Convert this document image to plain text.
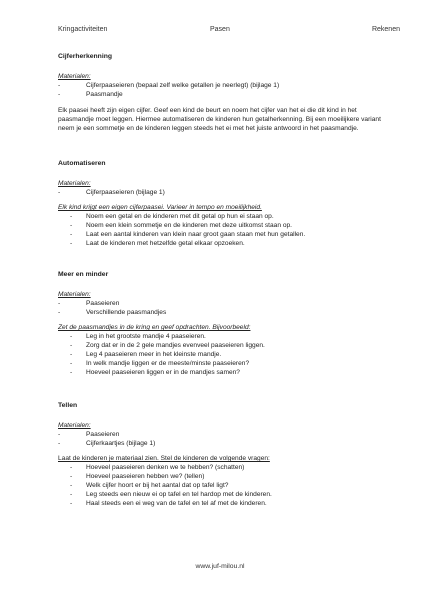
Kringactiviteiten	Pasen	Rekenen
Cijferherkenning
Materialen:
- Cijferpaaseieren (bepaal zelf welke getallen je neerlegt) (bijlage 1)
- Paasmandje

Elk paasei heeft zijn eigen cijfer. Geef een kind de beurt en noem het cijfer van het ei die dit kind in het paasmandje moet leggen. Hiermee automatiseren de kinderen hun getalherkenning. Bij een moeilijkere variant neem je een sommetje en de kinderen leggen steeds het ei met het juiste antwoord in het paasmandje.

Automatiseren
Materialen:
- Cijferpaaseieren (bijlage 1)
Elk kind krijgt een eigen cijferpaasei. Varieer in tempo en moeilijkheid.
- Noem een getal en de kinderen met dit getal op hun ei staan op.
- Noem een klein sommetje en de kinderen met deze uitkomst staan op.
- Laat een aantal kinderen van klein naar groot gaan staan met hun getallen.
- Laat de kinderen met hetzelfde getal elkaar opzoeken.
Meer en minder
Materialen:
- Paaseieren
- Verschillende paasmandjes
Zet de paasmandjes in de kring en geef opdrachten. Bijvoorbeeld:
- Leg in het grootste mandje 4 paaseieren.
- Zorg dat er in de 2 gele mandjes evenveel paaseieren liggen.
- Leg 4 paaseieren meer in het kleinste mandje.
- In welk mandje liggen er de meeste/minste paaseieren?
- Hoeveel paaseieren liggen er in de mandjes samen?
Tellen
Materialen:
- Paaseieren
- Cijferkaartjes (bijlage 1)
Laat de kinderen je materiaal zien. Stel de kinderen de volgende vragen:
- Hoeveel paaseieren denken we te hebben? (schatten)
- Hoeveel paaseieren hebben we? (tellen)
- Welk cijfer hoort er bij het aantal dat op tafel ligt?
- Leg steeds een nieuw ei op tafel en tel hardop met de kinderen.
- Haal steeds een ei weg van de tafel en tel af met de kinderen.
www.juf-milou.nl
